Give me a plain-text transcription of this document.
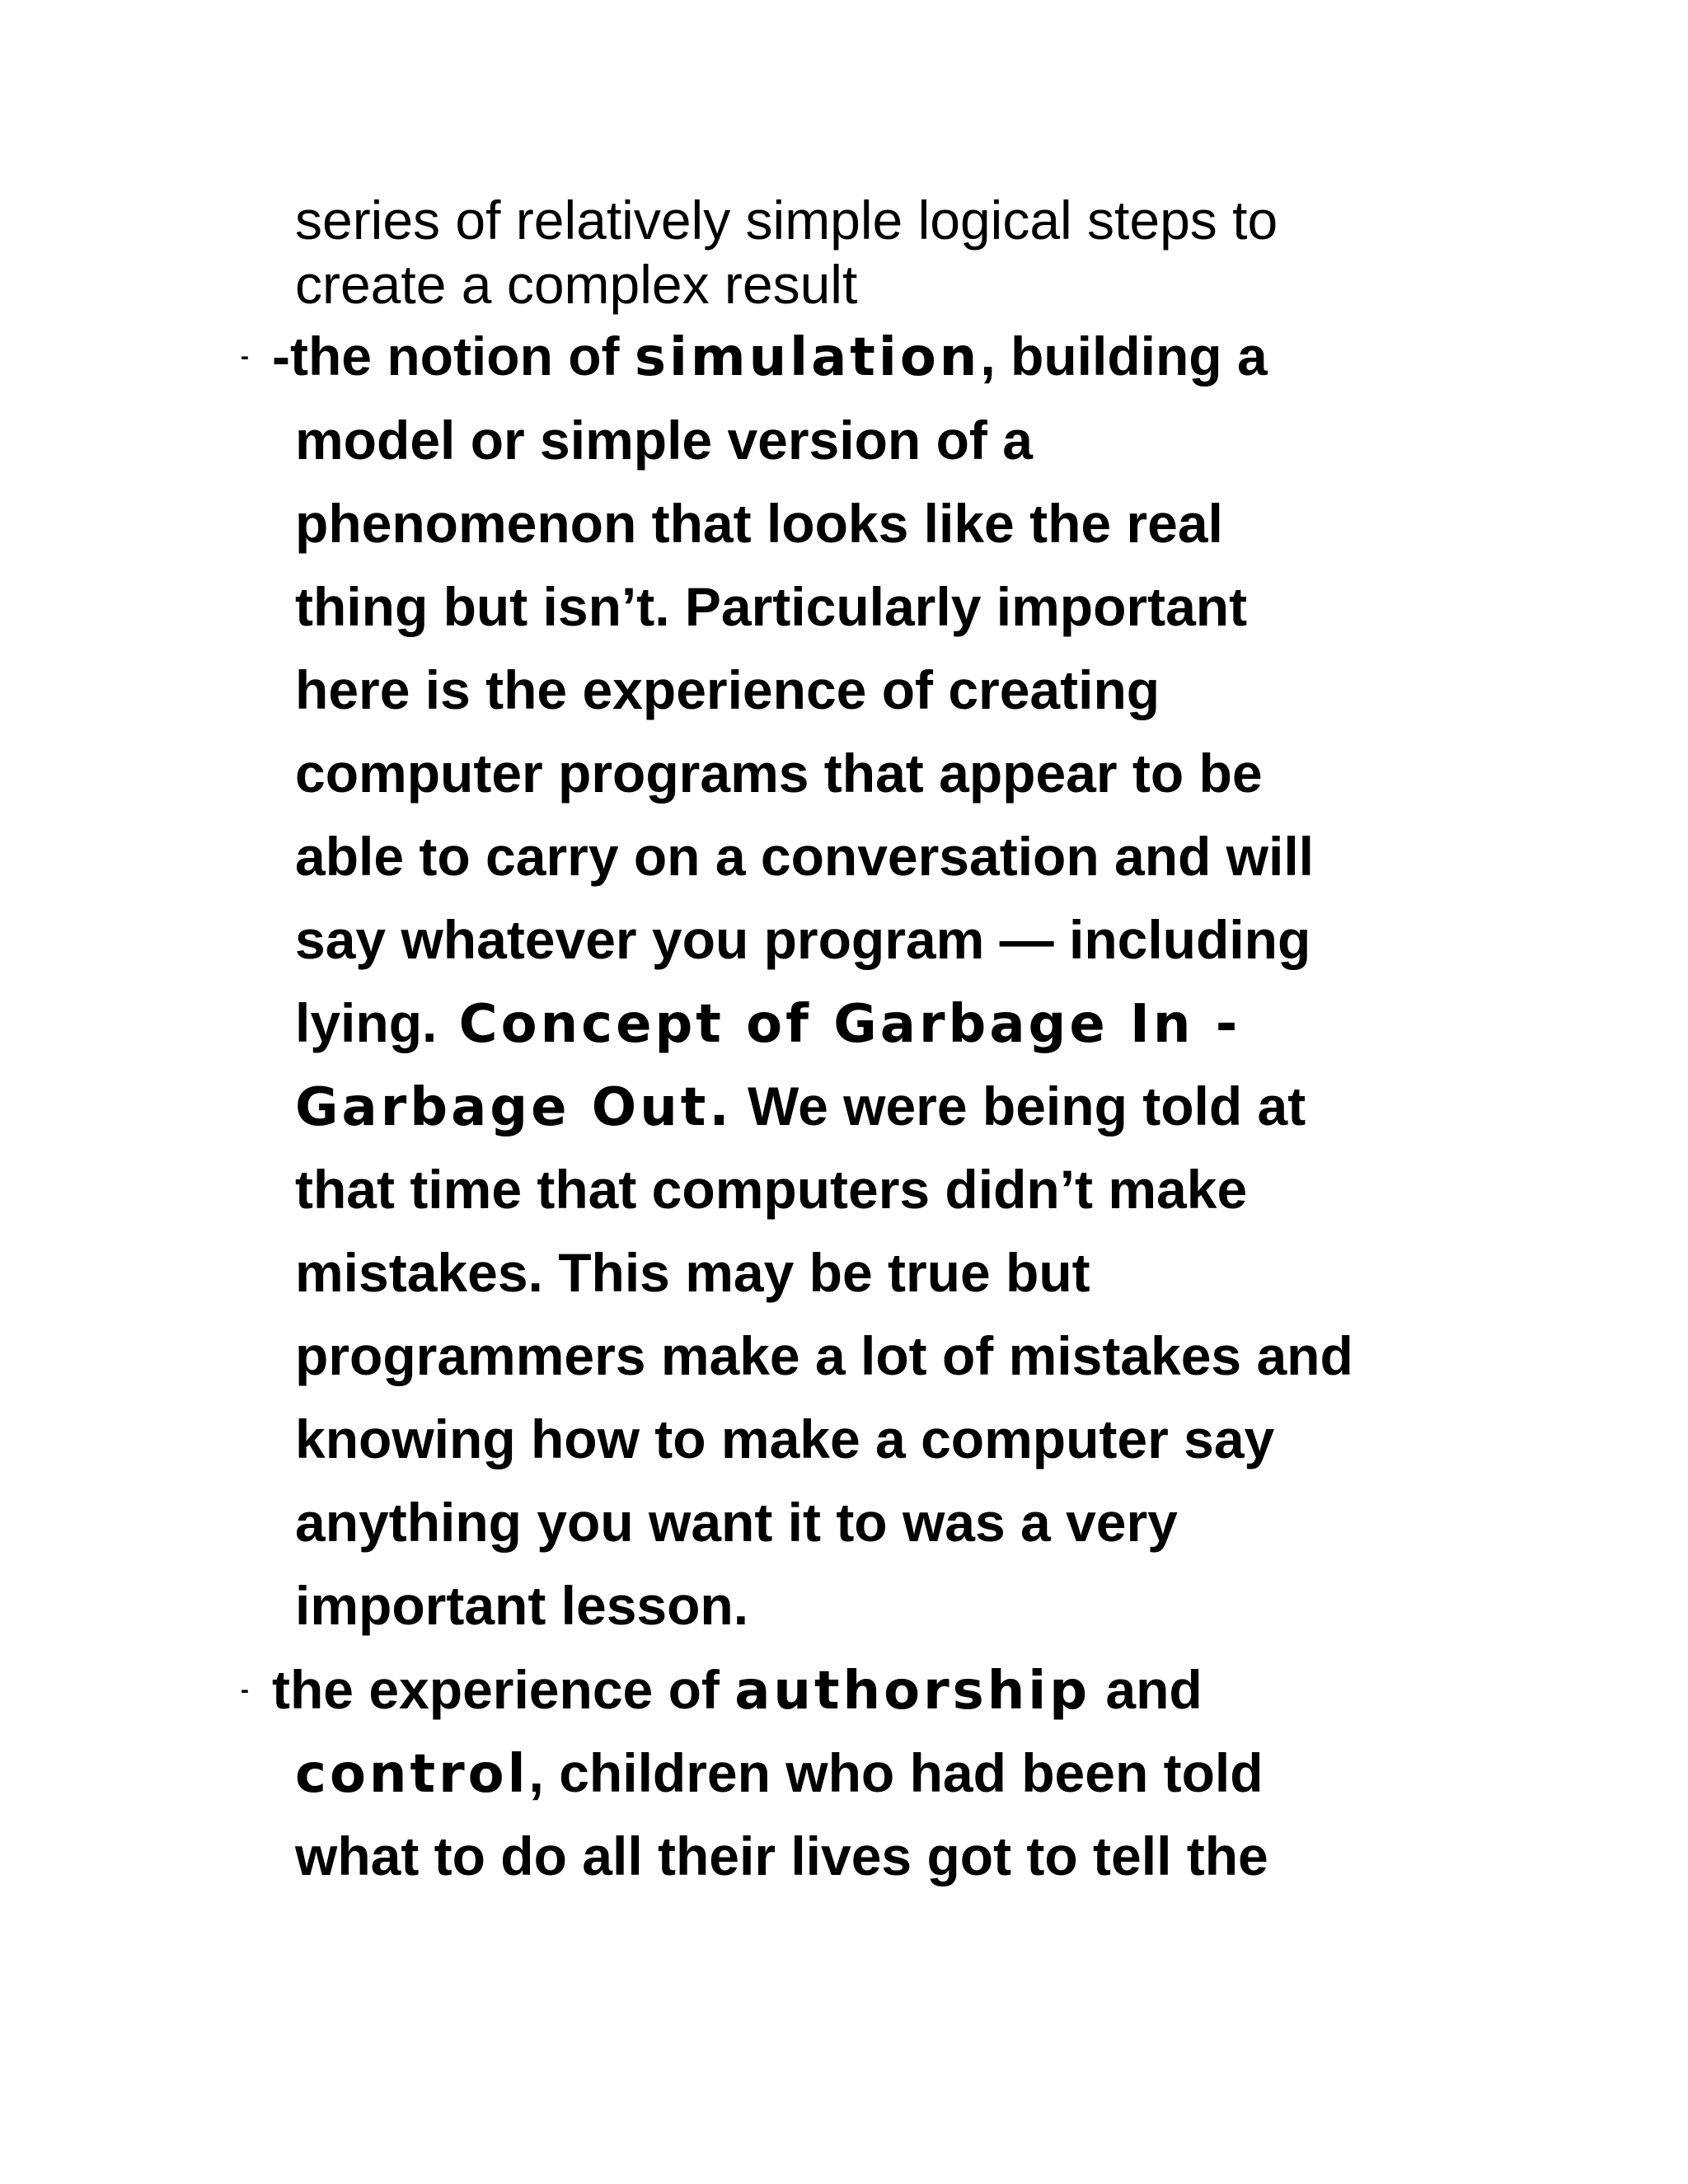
series of relatively simple logical steps to
create a complex result
- -the notion of simulation, building a
model or simple version of a
phenomenon that looks like the real
thing but isn’t. Particularly important
here is the experience of creating
computer programs that appear to be
able to carry on a conversation and will
say whatever you program — including
lying. Concept of Garbage In -
Garbage Out. We were being told at
that time that computers didn’t make
mistakes. This may be true but
programmers make a lot of mistakes and
knowing how to make a computer say
anything you want it to was a very
important lesson.
- the experience of authorship and
control, children who had been told
what to do all their lives got to tell the
